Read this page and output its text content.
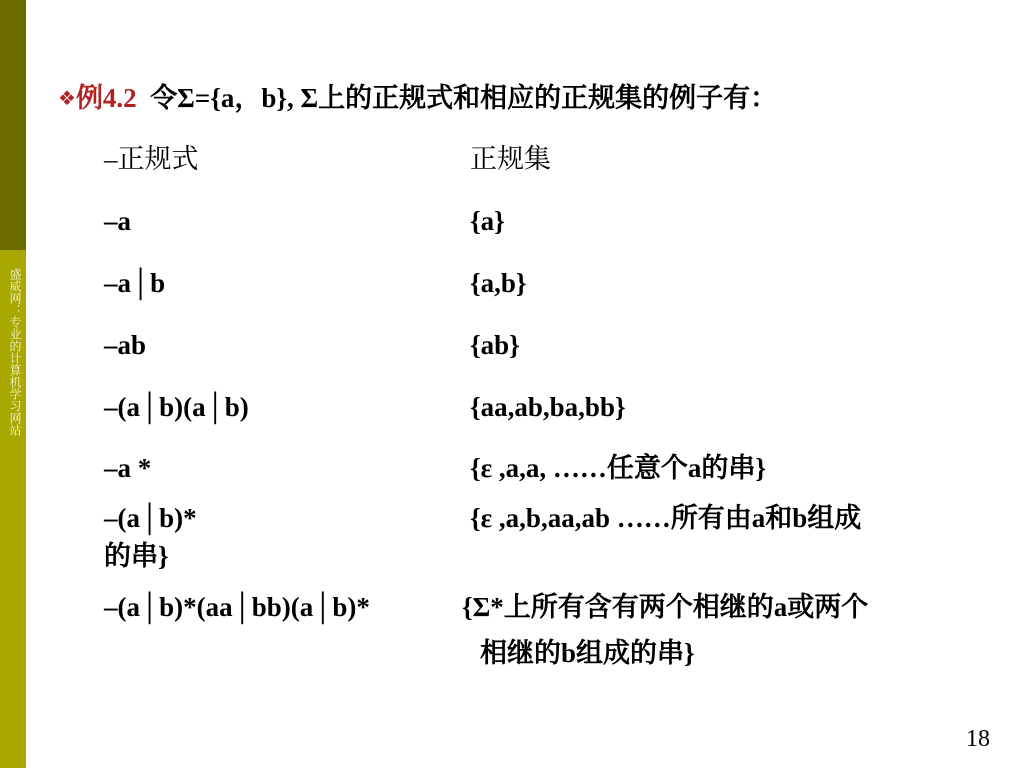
盛威网：专业的计算机学习网站
❖例4.2 令Σ={a，b}, Σ上的正规式和相应的正规集的例子有：
–正规式	正规集
–a	{a}
–a│b	{a,b}
–ab	{ab}
–(a│b)(a│b)	{aa,ab,ba,bb}
–a *	{ε ,a,a, ……任意个a的串}
–(a│b)*	{ε ,a,b,aa,ab ……所有由a和b组成
的串}
–(a│b)*(aa│bb)(a│b)*	{Σ*上所有含有两个相继的a或两个
相继的b组成的串}
18
